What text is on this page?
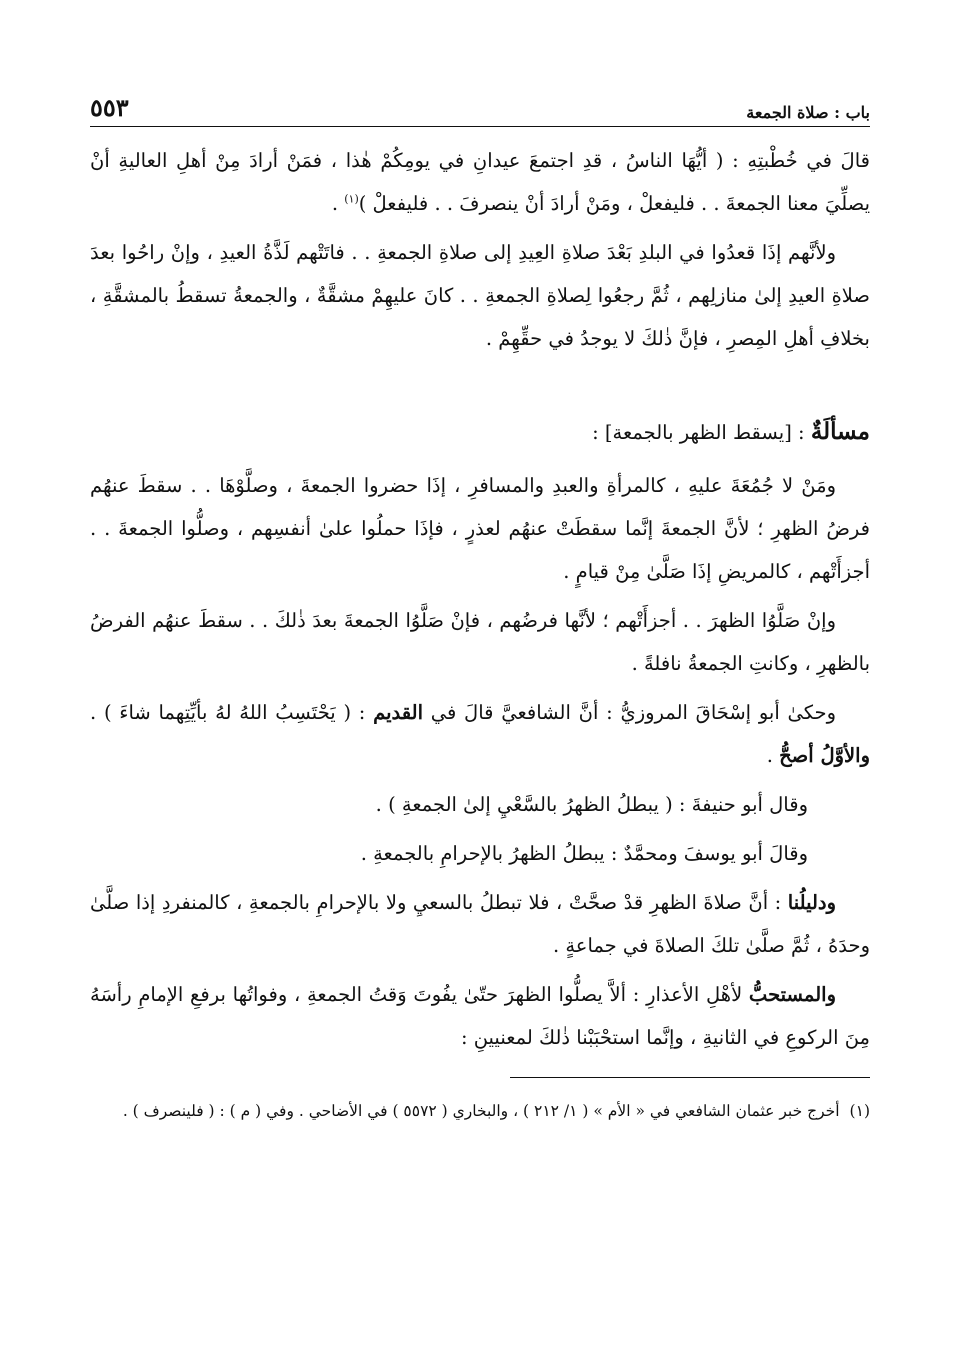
باب : صلاة الجمعة
٥٥٣

قالَ في خُطْبتِهِ : ( أيُّهَا الناسُ ، قدِ اجتمعَ عيدانِ في يومِكُمْ هٰذا ، فمَنْ أرادَ مِنْ أهلِ العاليةِ أنْ يصلِّيَ معنا الجمعةَ . . فليفعلْ ، ومَنْ أرادَ أنْ ينصرفَ . . فليفعلْ )$^{(١)}$ .

ولأنَّهم إذَا قعدُوا في البلدِ بَعْدَ صلاةِ العِيدِ إلى صلاةِ الجمعةِ . . فاتَتْهم لَذَّةُ العيدِ ، وإنْ راحُوا بعدَ صلاةِ العيدِ إلىٰ منازلِهم ، ثُمَّ رجعُوا لِصلاةِ الجمعةِ . . كانَ عليهِمْ مشقَّةٌ ، والجمعةُ تسقطُ بالمشقَّةِ ، بخلافِ أهلِ المِصرِ ، فإنَّ ذٰلكَ لا يوجدُ في حقِّهِمْ .

مسألَةٌ : [يسقط الظهر بالجمعة] :

ومَنْ لا جُمُعَةَ عليهِ ، كالمرأةِ والعبدِ والمسافرِ ، إذَا حضروا الجمعةَ ، وصلَّوْهَا . . سقطَ عنهُم فرضُ الظهرِ ؛ لأنَّ الجمعةَ إنَّما سقطَتْ عنهُم لعذرٍ ، فإذَا حملُوا علىٰ أنفسِهم ، وصلُّوا الجمعةَ . . أجزأَتْهم ، كالمريضِ إذَا صَلَّىٰ مِنْ قيامٍ .

وإنْ صَلَّوُا الظهرَ . . أجزأَتْهم ؛ لأنَّها فرضُهم ، فإنْ صَلَّوُا الجمعةَ بعدَ ذٰلكَ . . سقطَ عنهُم الفرضُ بالظهرِ ، وكانتِ الجمعةُ نافلةً .

وحكىٰ أبو إسْحَاقَ المروزيُّ : أنَّ الشافعيَّ قالَ في القديم : ( يَحْتَسِبُ اللهُ لهُ بأيِّتِهما شاءَ ) . والأوَّلُ أصحُّ .

وقال أبو حنيفةَ : ( يبطلُ الظهرُ بالسَّعْيِ إلىٰ الجمعةِ ) .

وقالَ أبو يوسفَ ومحمَّدٌ : يبطلُ الظهرُ بالإحرامِ بالجمعةِ .

ودليلُنا : أنَّ صلاةَ الظهرِ قدْ صحَّتْ ، فلا تبطلُ بالسعيِ ولا بالإحرامِ بالجمعةِ ، كالمنفردِ إذا صلَّىٰ وحدَهُ ، ثُمَّ صلَّىٰ تلكَ الصلاةَ في جماعةٍ .

والمستحبُّ لأهْلِ الأعذارِ : ألاَّ يصلُّوا الظهرَ حتّىٰ يفُوتَ وَقتُ الجمعةِ ، وفواتُها برفعِ الإمامِ رأسَهُ مِنَ الركوعِ في الثانيةِ ، وإنَّما استحْبَبْنا ذٰلكَ لمعنيينِ :

(١)أخرج خبر عثمان الشافعي في « الأم » ( ١/ ٢١٢ ) ، والبخاري ( ٥٥٧٢ ) في الأضاحي . وفي ( م ) : ( فلينصرف ) .
